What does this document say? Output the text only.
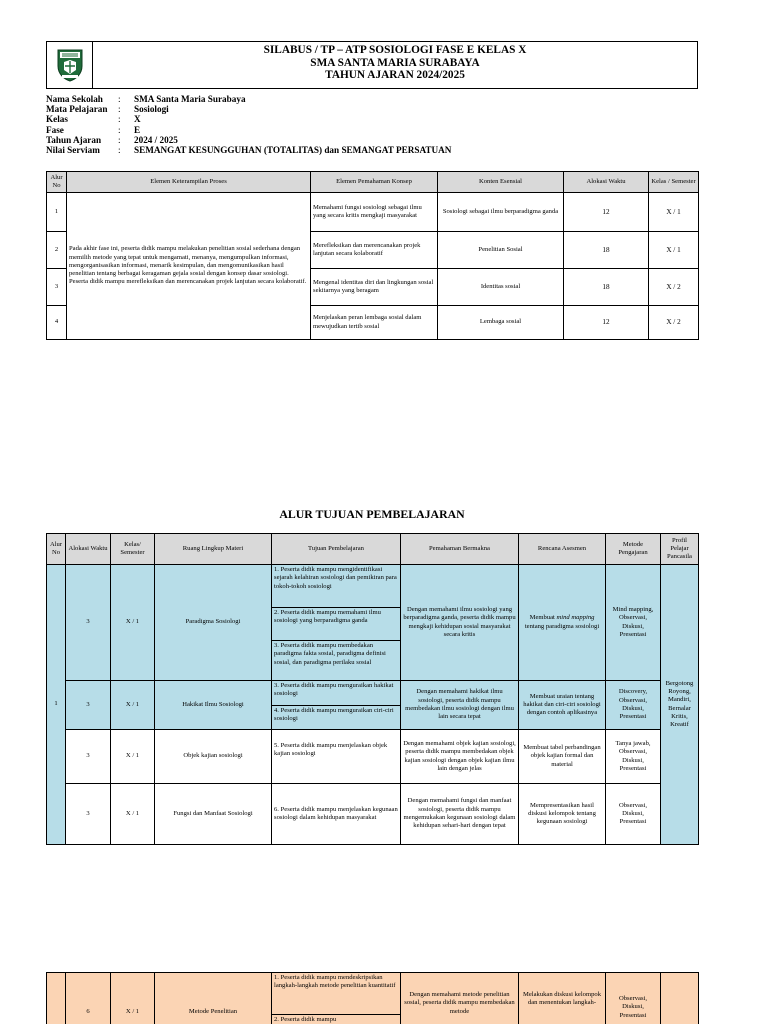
SILABUS / TP – ATP SOSIOLOGI FASE E KELAS X
SMA SANTA MARIA SURABAYA
TAHUN AJARAN 2024/2025
Nama Sekolah	:	SMA Santa Maria Surabaya
Mata Pelajaran	:	Sosiologi
Kelas	:	X
Fase	:	E
Tahun Ajaran	:	2024 / 2025
Nilai Serviam	:	SEMANGAT KESUNGGUHAN (TOTALITAS) dan SEMANGAT PERSATUAN
Alur No	Elemen Keterampilan Proses	Elemen Pemahaman Konsep	Konten Esensial	Alokasi Waktu	Kelas / Semester
1	Pada akhir fase ini, peserta didik mampu melakukan penelitian sosial sederhana dengan memilih metode yang tepat untuk mengamati, menanya, mengumpulkan informasi, mengorganisasikan informasi, menarik kesimpulan, dan mengomunikasikan hasil penelitian tentang berbagai keragaman gejala sosial dengan konsep dasar sosiologi. Peserta didik mampu merefleksikan dan merencanakan projek lanjutan secara kolaboratif.	Memahami fungsi sosiologi sebagai ilmu yang secara kritis mengkaji masyarakat	Sosiologi sebagai ilmu berparadigma ganda	12	X / 1
2		Merefleksikan dan merencanakan projek lanjutan secara kolaboratif	Penelitian Sosial	18	X / 1
3		Mengenal identitas diri dan lingkungan sosial sekitarnya yang beragam	Identitas sosial	18	X / 2
4		Menjelaskan peran lembaga sosial dalam mewujudkan tertib sosial	Lembaga sosial	12	X / 2
ALUR TUJUAN PEMBELAJARAN
Alur No	Alokasi Waktu	Kelas/ Semester	Ruang Lingkup Materi	Tujuan Pembelajaran	Pemahaman Bermakna	Rencana Asesmen	Metode Pengajaran	Profil Pelajar Pancasila
1	3	X / 1	Paradigma Sosiologi	1. Peserta didik mampu mengidentifikasi sejarah kelahiran sosiologi dan pemikiran para tokoh-tokoh sosiologi
2. Peserta didik mampu memahami ilmu sosiologi yang berparadigma ganda
3. Peserta didik mampu membedakan paradigma fakta sosial, paradigma definisi sosial, dan paradigma perilaku sosial	Dengan memahami ilmu sosiologi yang berparadigma ganda, peserta didik mampu mengkaji kehidupan sosial masyarakat secara kritis	Membuat mind mapping tentang paradigma sosiologi	Mind mapping, Observasi, Diskusi, Presentasi	Bergotong Royong, Mandiri, Bernalar Kritis, Kreatif
	3	X / 1	Hakikat Ilmu Sosiologi	3. Peserta didik mampu menguraikan hakikat sosiologi
4. Peserta didik mampu menguraikan ciri-ciri sosiologi	Dengan memahami hakikat ilmu sosiologi, peserta didik mampu membedakan ilmu sosiologi dengan ilmu lain secara tepat	Membuat uraian tentang hakikat dan ciri-ciri sosiologi dengan contoh aplikasinya	Discovery, Observasi, Diskusi, Presentasi	
	3	X / 1	Objek kajian sosiologi	5. Peserta didik mampu menjelaskan objek kajian sosiologi	Dengan memahami objek kajian sosiologi, peserta didik mampu membedakan objek kajian sosiologi dengan objek kajian ilmu lain dengan jelas	Membuat tabel perbandingan objek kajian formal dan material	Tanya jawab, Observasi, Diskusi, Presentasi	
	3	X / 1	Fungsi dan Manfaat Sosiologi	6. Peserta didik mampu menjelaskan kegunaan sosiologi dalam kehidupan masyarakat	Dengan memahami fungsi dan manfaat sosiologi, peserta didik mampu mengemukakan kegunaan sosiologi dalam kehidupan sehari-hari dengan tepat	Mempresentasikan hasil diskusi kelompok tentang kegunaan sosiologi	Observasi, Diskusi, Presentasi	
	6	X / 1	Metode Penelitian	
1. Peserta didik mampu mendeskripsikan langkah-langkah metode penelitian kuantitatif
2. Peserta didik mampu
	Dengan memahami metode penelitian sosial, peserta didik mampu membedakan metode	Melakukan diskusi kelompok dan menentukan langkah-	Observasi, Diskusi, Presentasi	
